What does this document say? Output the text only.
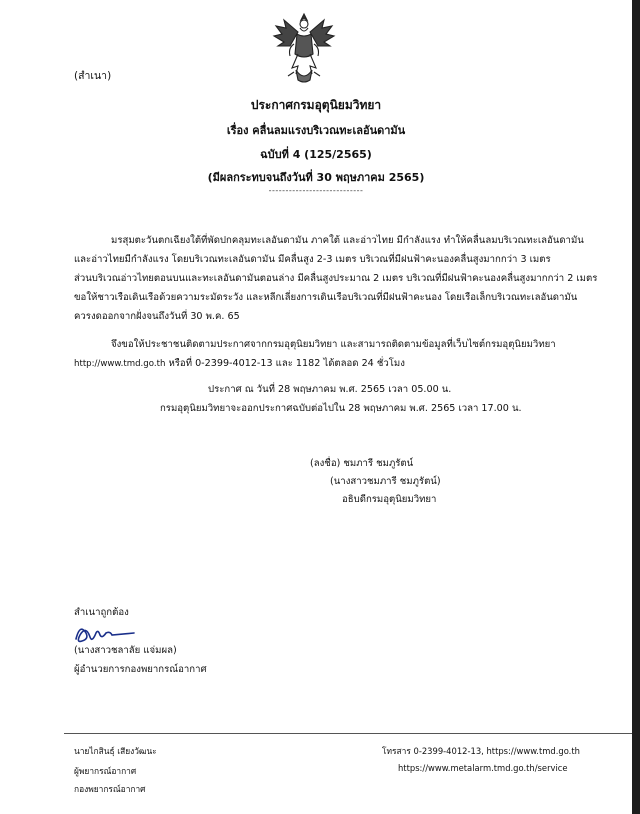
(สำเนา)
ประกาศกรมอุตุนิยมวิทยา
เรื่อง คลื่นลมแรงบริเวณทะเลอันดามัน
ฉบับที่ 4 (125/2565)
(มีผลกระทบจนถึงวันที่ 30 พฤษภาคม 2565)
----------------------------
มรสุมตะวันตกเฉียงใต้ที่พัดปกคลุมทะเลอันดามัน ภาคใต้ และอ่าวไทย มีกำลังแรง ทำให้คลื่นลมบริเวณทะเลอันดามัน
และอ่าวไทยมีกำลังแรง โดยบริเวณทะเลอันดามัน มีคลื่นสูง 2-3 เมตร บริเวณที่มีฝนฟ้าคะนองคลื่นสูงมากกว่า 3 เมตร
ส่วนบริเวณอ่าวไทยตอนบนและทะเลอันดามันตอนล่าง มีคลื่นสูงประมาณ 2 เมตร บริเวณที่มีฝนฟ้าคะนองคลื่นสูงมากกว่า 2 เมตร
ขอให้ชาวเรือเดินเรือด้วยความระมัดระวัง และหลีกเลี่ยงการเดินเรือบริเวณที่มีฝนฟ้าคะนอง โดยเรือเล็กบริเวณทะเลอันดามัน
ควรงดออกจากฝั่งจนถึงวันที่ 30 พ.ค. 65
จึงขอให้ประชาชนติดตามประกาศจากกรมอุตุนิยมวิทยา และสามารถติดตามข้อมูลที่เว็บไซต์กรมอุตุนิยมวิทยา
http://www.tmd.go.th หรือที่ 0-2399-4012-13 และ 1182 ได้ตลอด 24 ชั่วโมง
ประกาศ ณ วันที่ 28 พฤษภาคม พ.ศ. 2565 เวลา 05.00 น.
กรมอุตุนิยมวิทยาจะออกประกาศฉบับต่อไปใน 28 พฤษภาคม พ.ศ. 2565 เวลา 17.00 น.
(ลงชื่อ) ชมภารี ชมภูรัตน์
(นางสาวชมภารี ชมภูรัตน์)
อธิบดีกรมอุตุนิยมวิทยา
สำเนาถูกต้อง
(นางสาวชลาลัย แจ่มผล)
ผู้อำนวยการกองพยากรณ์อากาศ
นายไกสินธุ์ เสียงวัฒนะ
ผู้พยากรณ์อากาศ
กองพยากรณ์อากาศ
โทรสาร 0-2399-4012-13, https://www.tmd.go.th
https://www.metalarm.tmd.go.th/service
